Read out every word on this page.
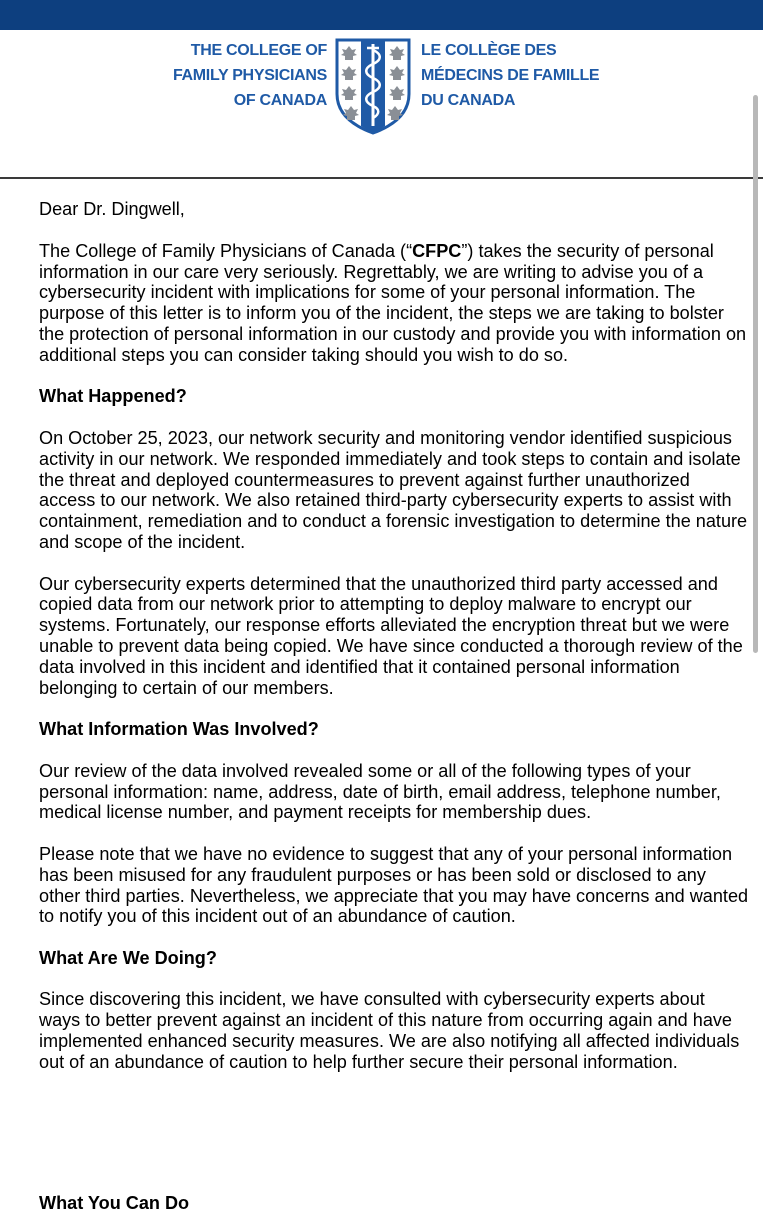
THE COLLEGE OF
FAMILY PHYSICIANS
OF CANADA
LE COLLÈGE DES
MÉDECINS DE FAMILLE
DU CANADA

Dear Dr. Dingwell,

The College of Family Physicians of Canada (“CFPC”) takes the security of personal information in our care very seriously. Regrettably, we are writing to advise you of a cybersecurity incident with implications for some of your personal information. The purpose of this letter is to inform you of the incident, the steps we are taking to bolster the protection of personal information in our custody and provide you with information on additional steps you can consider taking should you wish to do so.

What Happened?

On October 25, 2023, our network security and monitoring vendor identified suspicious activity in our network. We responded immediately and took steps to contain and isolate the threat and deployed countermeasures to prevent against further unauthorized access to our network. We also retained third-party cybersecurity experts to assist with containment, remediation and to conduct a forensic investigation to determine the nature and scope of the incident.

Our cybersecurity experts determined that the unauthorized third party accessed and copied data from our network prior to attempting to deploy malware to encrypt our systems. Fortunately, our response efforts alleviated the encryption threat but we were unable to prevent data being copied. We have since conducted a thorough review of the data involved in this incident and identified that it contained personal information belonging to certain of our members.

What Information Was Involved?

Our review of the data involved revealed some or all of the following types of your personal information: name, address, date of birth, email address, telephone number, medical license number, and payment receipts for membership dues.

Please note that we have no evidence to suggest that any of your personal information has been misused for any fraudulent purposes or has been sold or disclosed to any other third parties. Nevertheless, we appreciate that you may have concerns and wanted to notify you of this incident out of an abundance of caution.

What Are We Doing?

Since discovering this incident, we have consulted with cybersecurity experts about ways to better prevent against an incident of this nature from occurring again and have implemented enhanced security measures. We are also notifying all affected individuals out of an abundance of caution to help further secure their personal information.

What You Can Do
